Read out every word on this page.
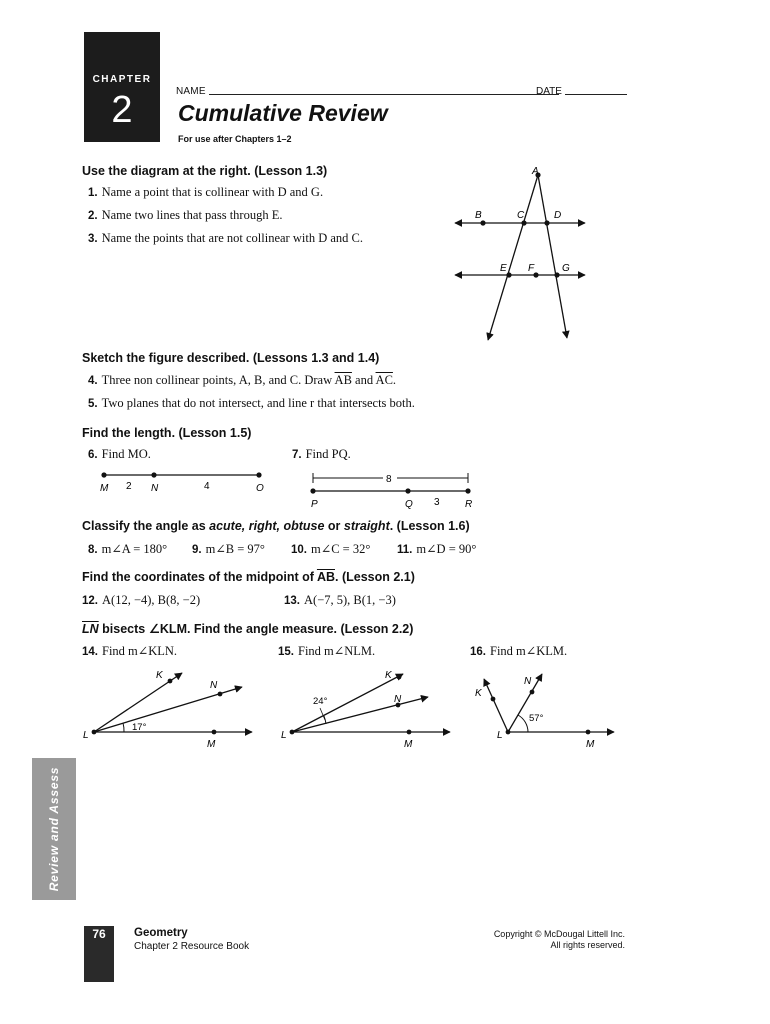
CHAPTER
2	NAME	DATE
Cumulative Review
For use after Chapters 1–2
Use the diagram at the right. (Lesson 1.3)
1. Name a point that is collinear with D and G.
2. Name two lines that pass through E.
3. Name the points that are not collinear with D and C.
A
B	C	D
E F	G
Sketch the figure described. (Lessons 1.3 and 1.4)
4. Three non collinear points, A, B, and C. Draw $\overline{AB}$ and $\overline{AC}$.
5. Two planes that do not intersect, and line r that intersects both.
Find the length. (Lesson 1.5)
6. Find MO.	7. Find PQ.
M 2 N	4	O
8
P	Q 3	R
Classify the angle as acute, right, obtuse or straight. (Lesson 1.6)
8. m∠A = 180° 9. m∠B = 97° 10. m∠C = 32° 11. m∠D = 90°
Find the coordinates of the midpoint of $\overline{AB}$. (Lesson 2.1)
12. A(12, −4), B(8, −2)	13. A(−7, 5), B(1, −3)
$\overline{LN}$ bisects ∠KLM. Find the angle measure. (Lesson 2.2)
14. Find m∠KLN.	15. Find m∠NLM.	16. Find m∠KLM.
K
N
L
M
17°
K
N
L
M
24°
K
N
L
M
57°
Review and Assess
76	Geometry
Chapter 2 Resource Book
Copyright © McDougal Littell Inc.
All rights reserved.
